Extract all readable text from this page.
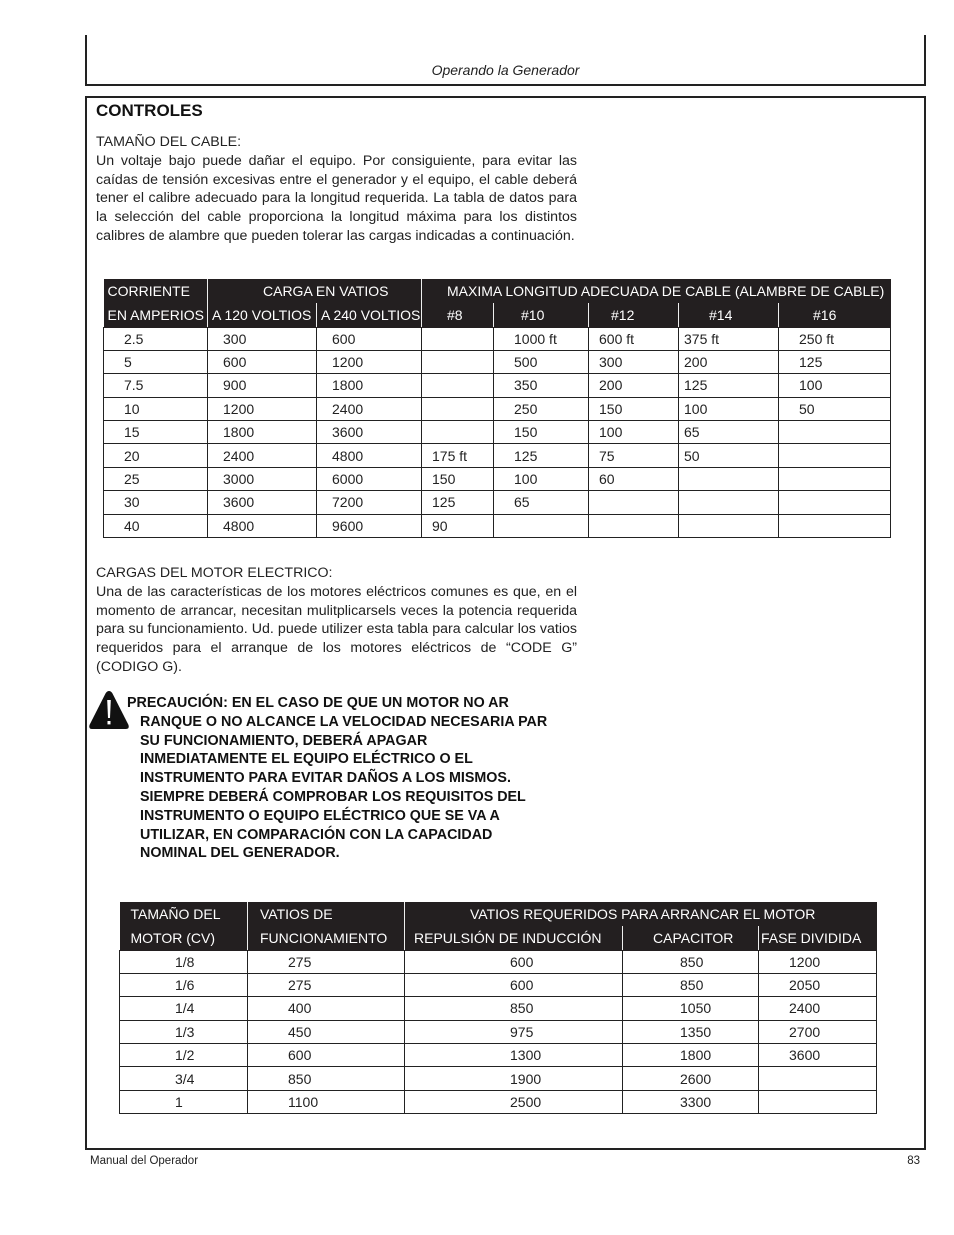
Operando la Generador
CONTROLES
TAMAÑO DEL CABLE:
Un voltaje bajo puede dañar el equipo. Por consiguiente, para evitar las caídas de tensión excesivas entre el generador y el equipo, el cable deberá tener el calibre adecuado para la longitud requerida. La tabla de datos para la selección del cable proporciona la longitud máxima para los distintos calibres de alambre que pueden tolerar las cargas indicadas a continuación.
CORRIENTE	CARGA EN VATIOS		MAXIMA LONGITUD ADECUADA DE CABLE (ALAMBRE DE CABLE)				
EN AMPERIOS	A 120 VOLTIOS	A 240 VOLTIOS	#8	#10	#12	#14	#16
2.5	300	600		1000 ft	600 ft	375 ft	250 ft
5	600	1200		500	300	200	125
7.5	900	1800		350	200	125	100
10	1200	2400		250	150	100	50
15	1800	3600		150	100	65	
20	2400	4800	175 ft	125	75	50	
25	3000	6000	150	100	60		
30	3600	7200	125	65			
40	4800	9600	90				
CARGAS DEL MOTOR ELECTRICO:
Una de las características de los motores eléctricos comunes es que, en el momento de arrancar, necesitan mulitplicarsels veces la potencia requerida para su funcionamiento. Ud. puede utilizer esta tabla para calcular los vatios requeridos para el arranque de los motores eléctricos de “CODE G” (CODIGO G).
PRECAUCIÓN: EN EL CASO DE QUE UN MOTOR NO AR
RANQUE O NO ALCANCE LA VELOCIDAD NECESARIA PAR
SU FUNCIONAMIENTO, DEBERÁ APAGAR
INMEDIATAMENTE EL EQUIPO ELÉCTRICO O EL
INSTRUMENTO PARA EVITAR DAÑOS A LOS MISMOS.
SIEMPRE DEBERÁ COMPROBAR LOS REQUISITOS DEL
INSTRUMENTO O EQUIPO ELÉCTRICO QUE SE VA A
UTILIZAR, EN COMPARACIÓN CON LA CAPACIDAD
NOMINAL DEL GENERADOR.
TAMAÑO DEL	VATIOS DE	VATIOS REQUERIDOS PARA ARRANCAR EL MOTOR		
MOTOR (CV)	FUNCIONAMIENTO	REPULSIÓN DE INDUCCIÓN	CAPACITOR	FASE DIVIDIDA
1/8	275	600	850	1200
1/6	275	600	850	2050
1/4	400	850	1050	2400
1/3	450	975	1350	2700
1/2	600	1300	1800	3600
3/4	850	1900	2600	
1	1100	2500	3300	
Manual del Operador	83
